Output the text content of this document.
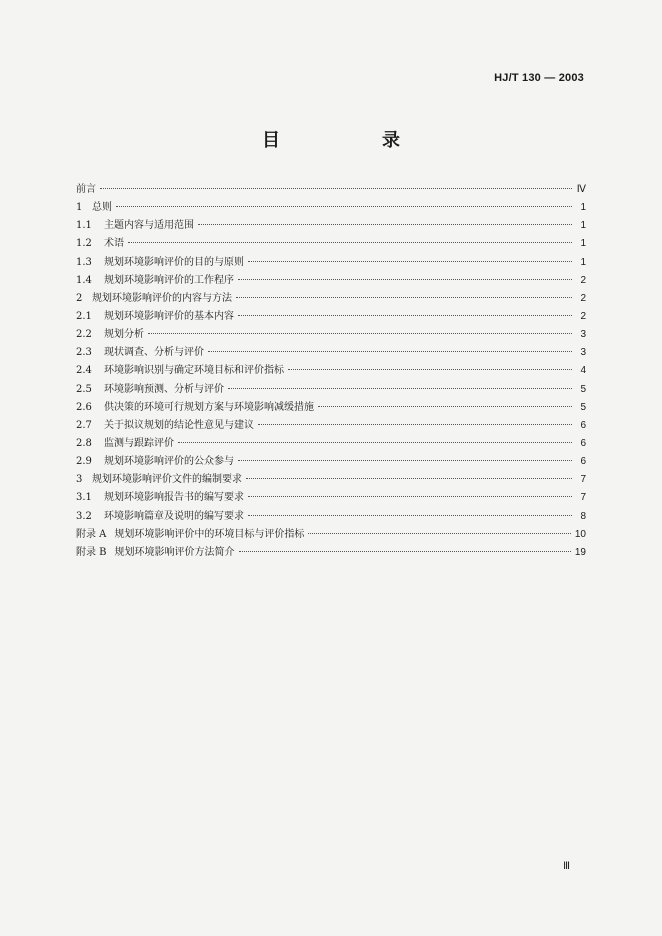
HJ/T 130 — 2003
目　录
前言	Ⅳ
1 总则	1
1.1	主题内容与适用范围	1
1.2	术语	1
1.3	规划环境影响评价的目的与原则	1
1.4	规划环境影响评价的工作程序	2
2 规划环境影响评价的内容与方法	2
2.1	规划环境影响评价的基本内容	2
2.2	规划分析	3
2.3	现状调查、分析与评价	3
2.4	环境影响识别与确定环境目标和评价指标	4
2.5	环境影响预测、分析与评价	5
2.6	供决策的环境可行规划方案与环境影响减缓措施	5
2.7	关于拟议规划的结论性意见与建议	6
2.8	监测与跟踪评价	6
2.9	规划环境影响评价的公众参与	6
3 规划环境影响评价文件的编制要求	7
3.1	规划环境影响报告书的编写要求	7
3.2	环境影响篇章及说明的编写要求	8
附录 A 规划环境影响评价中的环境目标与评价指标	10
附录 B 规划环境影响评价方法简介	19
Ⅲ
